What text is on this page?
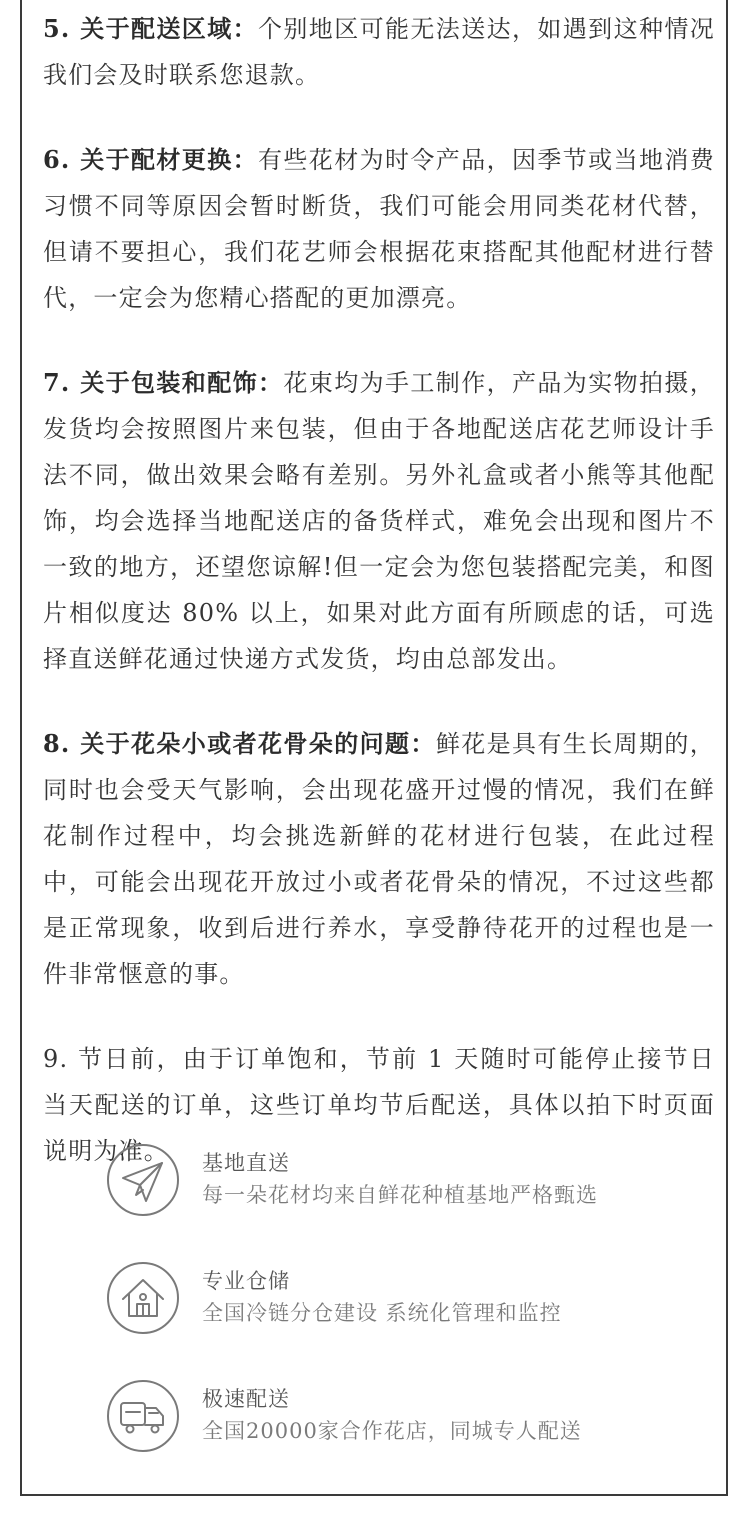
5. 关于配送区域：个别地区可能无法送达，如遇到这种情况我们会及时联系您退款。

6. 关于配材更换：有些花材为时令产品，因季节或当地消费习惯不同等原因会暂时断货，我们可能会用同类花材代替，但请不要担心，我们花艺师会根据花束搭配其他配材进行替代，一定会为您精心搭配的更加漂亮。

7. 关于包装和配饰：花束均为手工制作，产品为实物拍摄，发货均会按照图片来包装，但由于各地配送店花艺师设计手法不同，做出效果会略有差别。另外礼盒或者小熊等其他配饰，均会选择当地配送店的备货样式，难免会出现和图片不一致的地方，还望您谅解!但一定会为您包装搭配完美，和图片相似度达 80% 以上，如果对此方面有所顾虑的话，可选择直送鲜花通过快递方式发货，均由总部发出。

8. 关于花朵小或者花骨朵的问题：鲜花是具有生长周期的，同时也会受天气影响，会出现花盛开过慢的情况，我们在鲜花制作过程中，均会挑选新鲜的花材进行包装，在此过程中，可能会出现花开放过小或者花骨朵的情况，不过这些都是正常现象，收到后进行养水，享受静待花开的过程也是一件非常惬意的事。

9. 节日前，由于订单饱和，节前 1 天随时可能停止接节日当天配送的订单，这些订单均节后配送，具体以拍下时页面说明为准。	基地直送
每一朵花材均来自鲜花种植基地严格甄选
专业仓储
全国冷链分仓建设 系统化管理和监控
极速配送
全国20000家合作花店，同城专人配送
